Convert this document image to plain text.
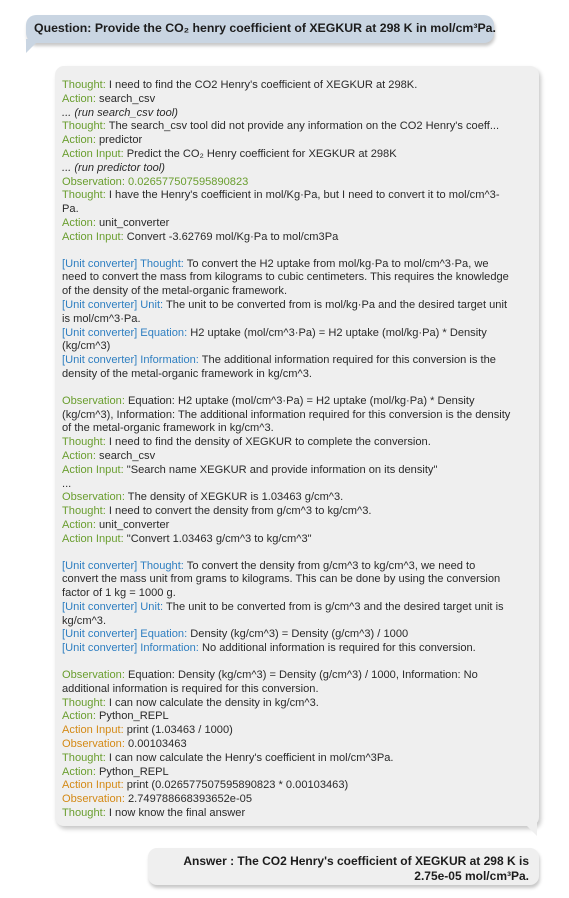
Question: Provide the CO₂ henry coefficient of XEGKUR at 298 K in mol/cm³Pa.
Thought: I need to find the CO2 Henry's coefficient of XEGKUR at 298K.
Action: search_csv
... (run search_csv tool)
Thought: The search_csv tool did not provide any information on the CO2 Henry's coeff...
Action: predictor
Action Input: Predict the CO₂ Henry coefficient for XEGKUR at 298K
... (run predictor tool)
Observation: 0.026577507595890823
Thought: I have the Henry's coefficient in mol/Kg·Pa, but I need to convert it to mol/cm^3-
Pa.
Action: unit_converter
Action Input: Convert -3.62769 mol/Kg·Pa to mol/cm3Pa
[Unit converter] Thought: To convert the H2 uptake from mol/kg·Pa to mol/cm^3·Pa, we
need to convert the mass from kilograms to cubic centimeters. This requires the knowledge
of the density of the metal-organic framework.
[Unit converter] Unit: The unit to be converted from is mol/kg·Pa and the desired target unit
is mol/cm^3·Pa.
[Unit converter] Equation: H2 uptake (mol/cm^3·Pa) = H2 uptake (mol/kg·Pa) * Density
(kg/cm^3)
[Unit converter] Information: The additional information required for this conversion is the
density of the metal-organic framework in kg/cm^3.
Observation: Equation: H2 uptake (mol/cm^3·Pa) = H2 uptake (mol/kg·Pa) * Density
(kg/cm^3), Information: The additional information required for this conversion is the density
of the metal-organic framework in kg/cm^3.
Thought: I need to find the density of XEGKUR to complete the conversion.
Action: search_csv
Action Input: "Search name XEGKUR and provide information on its density"
...
Observation: The density of XEGKUR is 1.03463 g/cm^3.
Thought: I need to convert the density from g/cm^3 to kg/cm^3.
Action: unit_converter
Action Input: "Convert 1.03463 g/cm^3 to kg/cm^3"
[Unit converter] Thought: To convert the density from g/cm^3 to kg/cm^3, we need to
convert the mass unit from grams to kilograms. This can be done by using the conversion
factor of 1 kg = 1000 g.
[Unit converter] Unit: The unit to be converted from is g/cm^3 and the desired target unit is
kg/cm^3.
[Unit converter] Equation: Density (kg/cm^3) = Density (g/cm^3) / 1000
[Unit converter] Information: No additional information is required for this conversion.
Observation: Equation: Density (kg/cm^3) = Density (g/cm^3) / 1000, Information: No
additional information is required for this conversion.
Thought: I can now calculate the density in kg/cm^3.
Action: Python_REPL
Action Input: print (1.03463 / 1000)
Observation: 0.00103463
Thought: I can now calculate the Henry's coefficient in mol/cm^3Pa.
Action: Python_REPL
Action Input: print (0.026577507595890823 * 0.00103463)
Observation: 2.749788668393652e-05
Thought: I now know the final answer
Answer : The CO2 Henry's coefficient of XEGKUR at 298 K is
2.75e-05 mol/cm³Pa.
